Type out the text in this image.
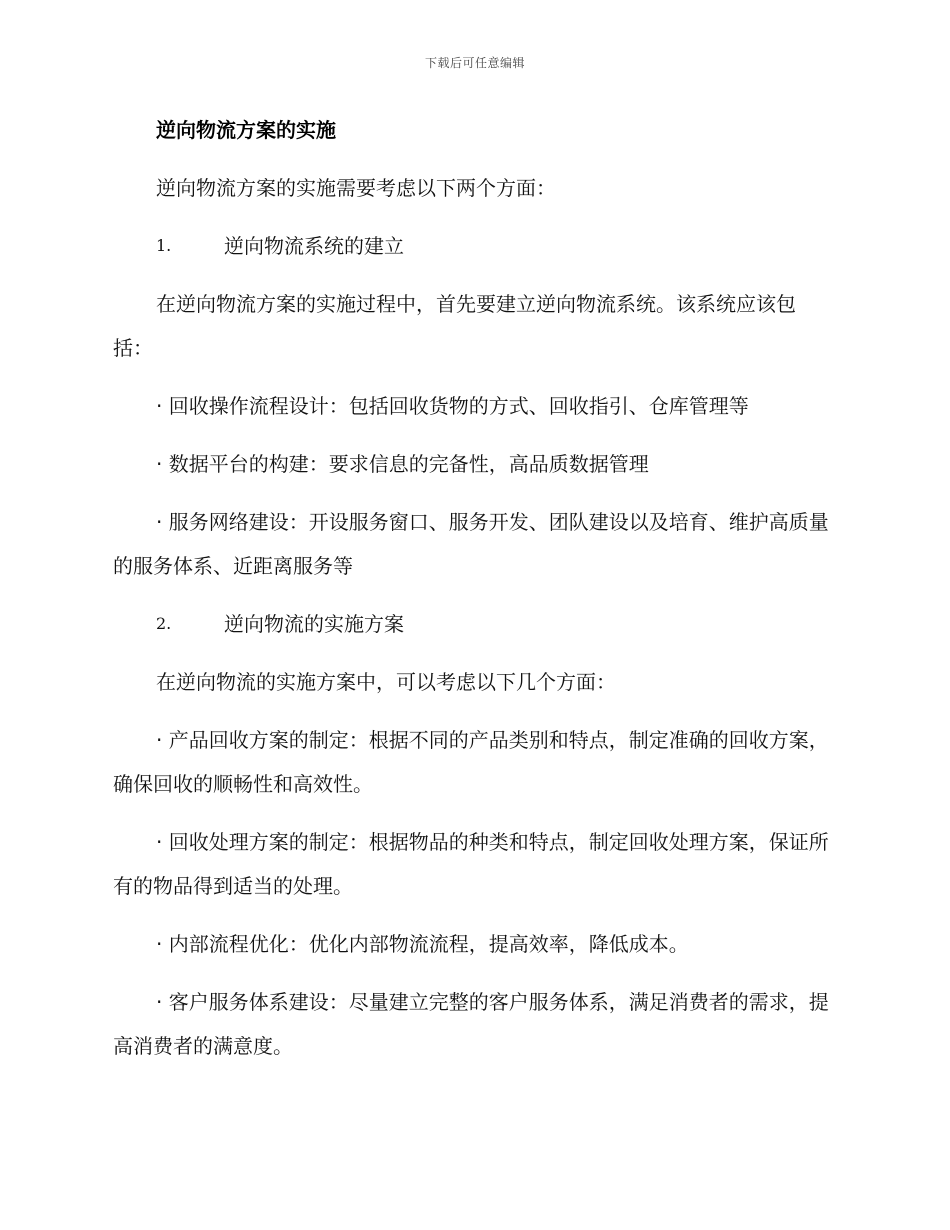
下载后可任意编辑
逆向物流方案的实施

逆向物流方案的实施需要考虑以下两个方面：

1.	逆向物流系统的建立

在逆向物流方案的实施过程中，首先要建立逆向物流系统。该系统应该包括：

· 回收操作流程设计：包括回收货物的方式、回收指引、仓库管理等

· 数据平台的构建：要求信息的完备性，高品质数据管理

· 服务网络建设：开设服务窗口、服务开发、团队建设以及培育、维护高质量的服务体系、近距离服务等

2.	逆向物流的实施方案

在逆向物流的实施方案中，可以考虑以下几个方面：

· 产品回收方案的制定：根据不同的产品类别和特点，制定准确的回收方案，确保回收的顺畅性和高效性。

· 回收处理方案的制定：根据物品的种类和特点，制定回收处理方案，保证所有的物品得到适当的处理。

· 内部流程优化：优化内部物流流程，提高效率，降低成本。

· 客户服务体系建设：尽量建立完整的客户服务体系，满足消费者的需求，提高消费者的满意度。
